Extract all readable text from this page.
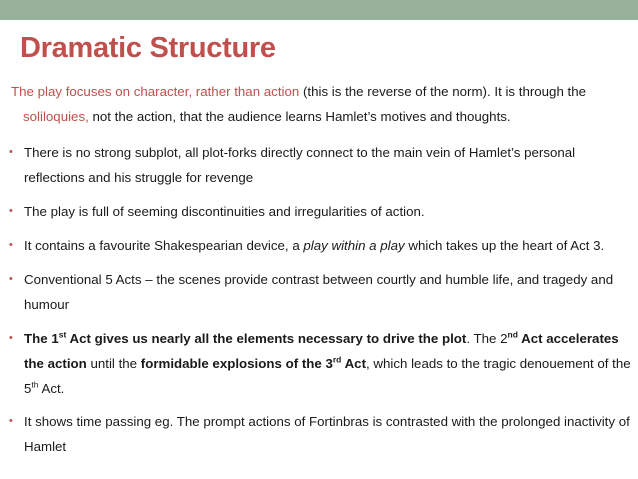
Dramatic Structure

The play focuses on character, rather than action (this is the reverse of the norm). It is through the
soliloquies, not the action, that the audience learns Hamlet’s motives and thoughts.

• There is no strong subplot, all plot-forks directly connect to the main vein of Hamlet’s personal reflections and his struggle for revenge
• The play is full of seeming discontinuities and irregularities of action.
• It contains a favourite Shakespearian device, a play within a play which takes up the heart of Act 3.
• Conventional 5 Acts – the scenes provide contrast between courtly and humble life, and tragedy and humour
• The 1st Act gives us nearly all the elements necessary to drive the plot. The 2nd Act accelerates the action until the formidable explosions of the 3rd Act, which leads to the tragic denouement of the 5th Act.
• It shows time passing eg. The prompt actions of Fortinbras is contrasted with the prolonged inactivity of Hamlet
